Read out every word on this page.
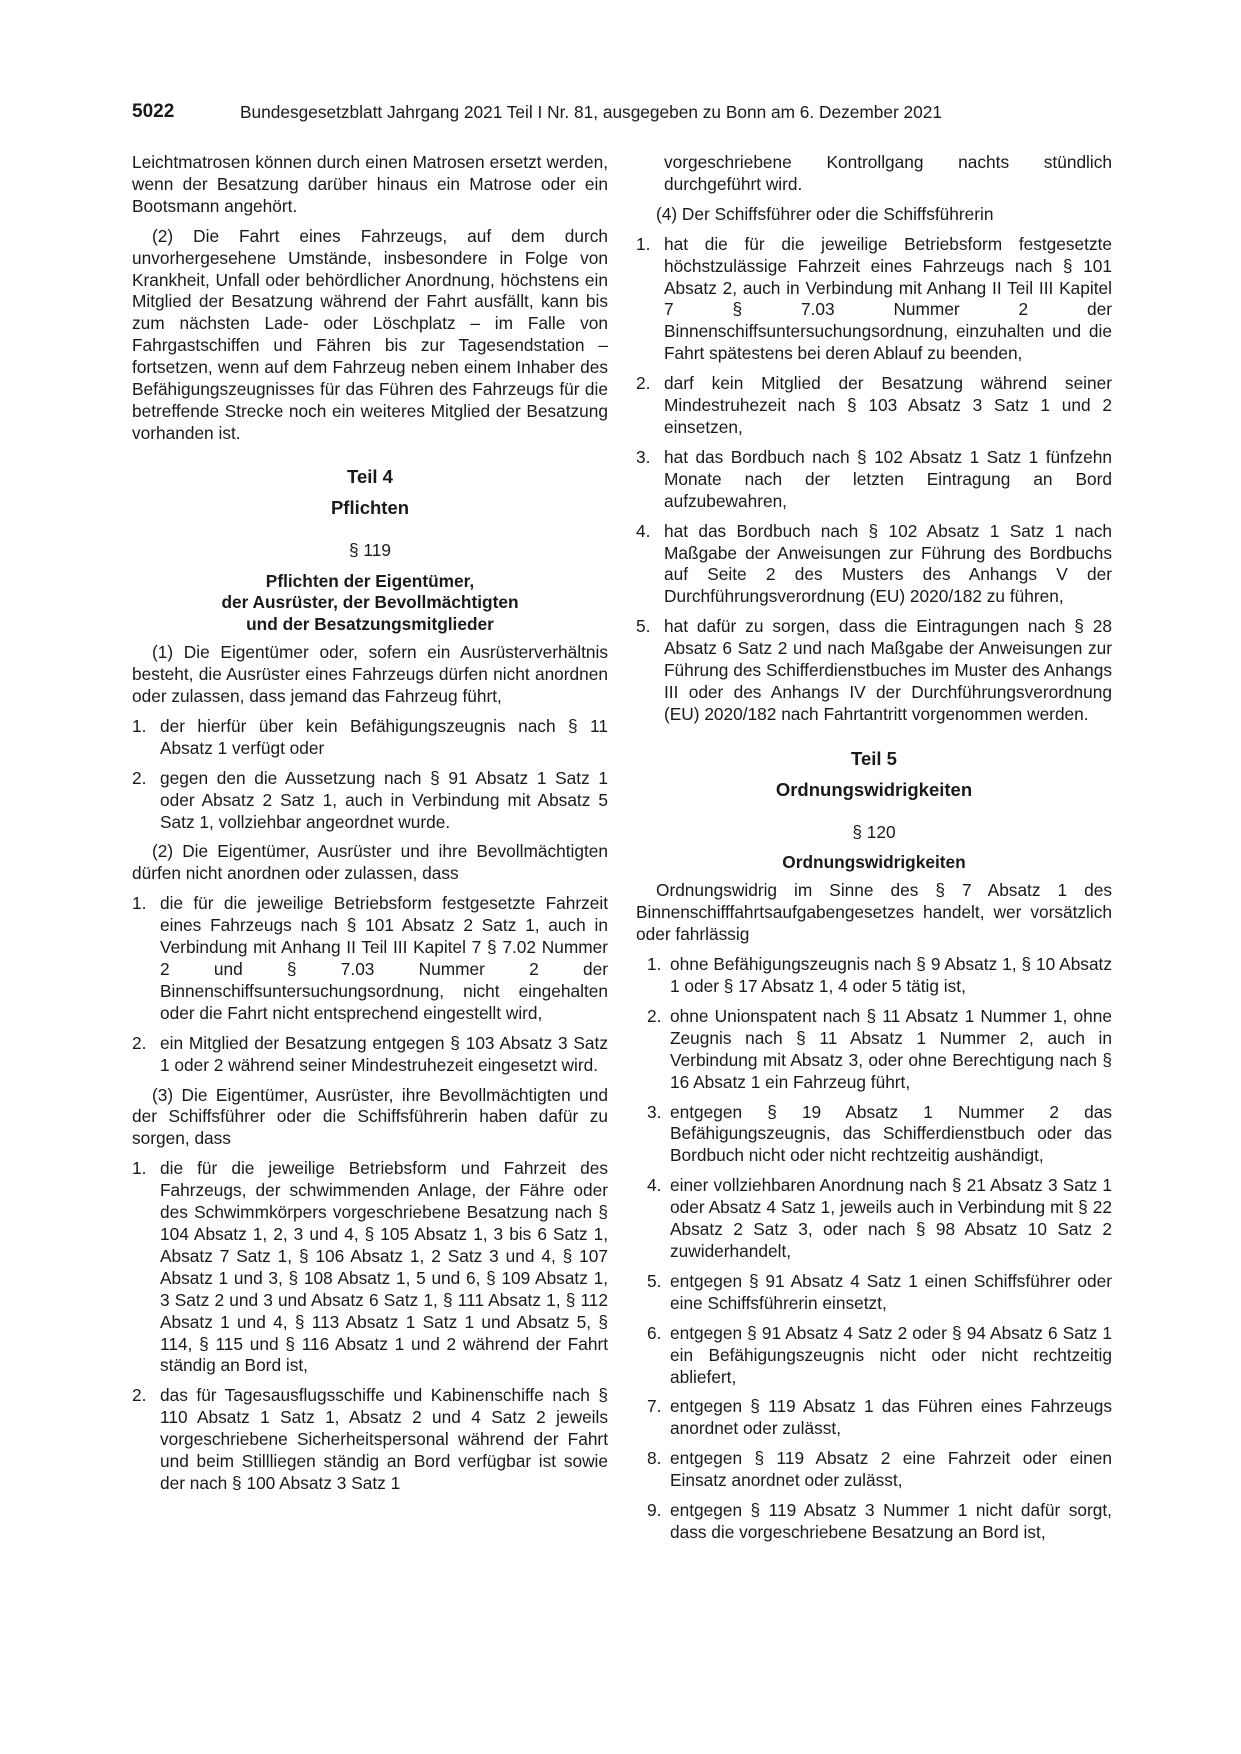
5022	Bundesgesetzblatt Jahrgang 2021 Teil I Nr. 81, ausgegeben zu Bonn am 6. Dezember 2021
Leichtmatrosen können durch einen Matrosen ersetzt werden, wenn der Besatzung darüber hinaus ein Matrose oder ein Bootsmann angehört.
(2) Die Fahrt eines Fahrzeugs, auf dem durch unvorhergesehene Umstände, insbesondere in Folge von Krankheit, Unfall oder behördlicher Anordnung, höchstens ein Mitglied der Besatzung während der Fahrt ausfällt, kann bis zum nächsten Lade- oder Löschplatz – im Falle von Fahrgastschiffen und Fähren bis zur Tagesendstation – fortsetzen, wenn auf dem Fahrzeug neben einem Inhaber des Befähigungszeugnisses für das Führen des Fahrzeugs für die betreffende Strecke noch ein weiteres Mitglied der Besatzung vorhanden ist.
Teil 4
Pflichten
§ 119
Pflichten der Eigentümer,
der Ausrüster, der Bevollmächtigten
und der Besatzungsmitglieder
(1) Die Eigentümer oder, sofern ein Ausrüsterverhältnis besteht, die Ausrüster eines Fahrzeugs dürfen nicht anordnen oder zulassen, dass jemand das Fahrzeug führt,
1. der hierfür über kein Befähigungszeugnis nach § 11 Absatz 1 verfügt oder
2. gegen den die Aussetzung nach § 91 Absatz 1 Satz 1 oder Absatz 2 Satz 1, auch in Verbindung mit Absatz 5 Satz 1, vollziehbar angeordnet wurde.
(2) Die Eigentümer, Ausrüster und ihre Bevollmächtigten dürfen nicht anordnen oder zulassen, dass
1. die für die jeweilige Betriebsform festgesetzte Fahrzeit eines Fahrzeugs nach § 101 Absatz 2 Satz 1, auch in Verbindung mit Anhang II Teil III Kapitel 7 § 7.02 Nummer 2 und § 7.03 Nummer 2 der Binnenschiffsuntersuchungsordnung, nicht eingehalten oder die Fahrt nicht entsprechend eingestellt wird,
2. ein Mitglied der Besatzung entgegen § 103 Absatz 3 Satz 1 oder 2 während seiner Mindestruhezeit eingesetzt wird.
(3) Die Eigentümer, Ausrüster, ihre Bevollmächtigten und der Schiffsführer oder die Schiffsführerin haben dafür zu sorgen, dass
1. die für die jeweilige Betriebsform und Fahrzeit des Fahrzeugs, der schwimmenden Anlage, der Fähre oder des Schwimmkörpers vorgeschriebene Besatzung nach § 104 Absatz 1, 2, 3 und 4, § 105 Absatz 1, 3 bis 6 Satz 1, Absatz 7 Satz 1, § 106 Absatz 1, 2 Satz 3 und 4, § 107 Absatz 1 und 3, § 108 Absatz 1, 5 und 6, § 109 Absatz 1, 3 Satz 2 und 3 und Absatz 6 Satz 1, § 111 Absatz 1, § 112 Absatz 1 und 4, § 113 Absatz 1 Satz 1 und Absatz 5, § 114, § 115 und § 116 Absatz 1 und 2 während der Fahrt ständig an Bord ist,
2. das für Tagesausflugsschiffe und Kabinenschiffe nach § 110 Absatz 1 Satz 1, Absatz 2 und 4 Satz 2 jeweils vorgeschriebene Sicherheitspersonal während der Fahrt und beim Stillliegen ständig an Bord verfügbar ist sowie der nach § 100 Absatz 3 Satz 1
vorgeschriebene Kontrollgang nachts stündlich durchgeführt wird.
(4) Der Schiffsführer oder die Schiffsführerin
1. hat die für die jeweilige Betriebsform festgesetzte höchstzulässige Fahrzeit eines Fahrzeugs nach § 101 Absatz 2, auch in Verbindung mit Anhang II Teil III Kapitel 7 § 7.03 Nummer 2 der Binnenschiffsuntersuchungsordnung, einzuhalten und die Fahrt spätestens bei deren Ablauf zu beenden,
2. darf kein Mitglied der Besatzung während seiner Mindestruhezeit nach § 103 Absatz 3 Satz 1 und 2 einsetzen,
3. hat das Bordbuch nach § 102 Absatz 1 Satz 1 fünfzehn Monate nach der letzten Eintragung an Bord aufzubewahren,
4. hat das Bordbuch nach § 102 Absatz 1 Satz 1 nach Maßgabe der Anweisungen zur Führung des Bordbuchs auf Seite 2 des Musters des Anhangs V der Durchführungsverordnung (EU) 2020/182 zu führen,
5. hat dafür zu sorgen, dass die Eintragungen nach § 28 Absatz 6 Satz 2 und nach Maßgabe der Anweisungen zur Führung des Schifferdienstbuches im Muster des Anhangs III oder des Anhangs IV der Durchführungsverordnung (EU) 2020/182 nach Fahrtantritt vorgenommen werden.
Teil 5
Ordnungswidrigkeiten
§ 120
Ordnungswidrigkeiten
Ordnungswidrig im Sinne des § 7 Absatz 1 des Binnenschifffahrtsaufgabengesetzes handelt, wer vorsätzlich oder fahrlässig
1. ohne Befähigungszeugnis nach § 9 Absatz 1, § 10 Absatz 1 oder § 17 Absatz 1, 4 oder 5 tätig ist,
2. ohne Unionspatent nach § 11 Absatz 1 Nummer 1, ohne Zeugnis nach § 11 Absatz 1 Nummer 2, auch in Verbindung mit Absatz 3, oder ohne Berechtigung nach § 16 Absatz 1 ein Fahrzeug führt,
3. entgegen § 19 Absatz 1 Nummer 2 das Befähigungszeugnis, das Schifferdienstbuch oder das Bordbuch nicht oder nicht rechtzeitig aushändigt,
4. einer vollziehbaren Anordnung nach § 21 Absatz 3 Satz 1 oder Absatz 4 Satz 1, jeweils auch in Verbindung mit § 22 Absatz 2 Satz 3, oder nach § 98 Absatz 10 Satz 2 zuwiderhandelt,
5. entgegen § 91 Absatz 4 Satz 1 einen Schiffsführer oder eine Schiffsführerin einsetzt,
6. entgegen § 91 Absatz 4 Satz 2 oder § 94 Absatz 6 Satz 1 ein Befähigungszeugnis nicht oder nicht rechtzeitig abliefert,
7. entgegen § 119 Absatz 1 das Führen eines Fahrzeugs anordnet oder zulässt,
8. entgegen § 119 Absatz 2 eine Fahrzeit oder einen Einsatz anordnet oder zulässt,
9. entgegen § 119 Absatz 3 Nummer 1 nicht dafür sorgt, dass die vorgeschriebene Besatzung an Bord ist,
